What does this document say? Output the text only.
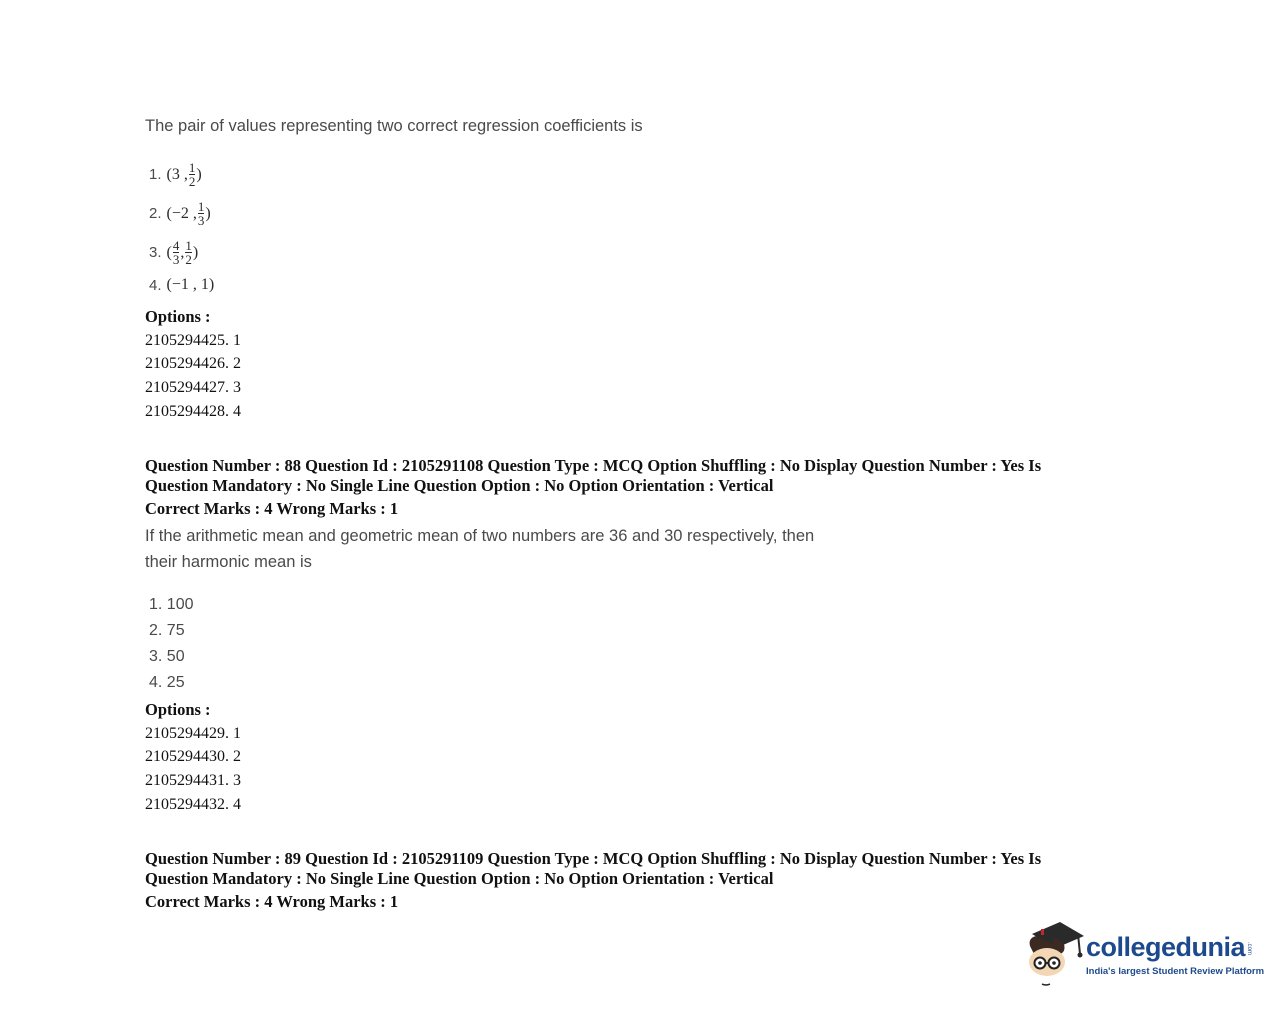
The pair of values representing two correct regression coefficients is
1. (3 , $\frac{1}{2}$ )
2. (−2 , $\frac{1}{3}$ )
3. ( $\frac{4}{3}$ , $\frac{1}{2}$ )
4. (−1 , 1)
Options :
2105294425. 1
2105294426. 2
2105294427. 3
2105294428. 4
Question Number : 88 Question Id : 2105291108 Question Type : MCQ Option Shuffling : No Display Question Number : Yes Is
Question Mandatory : No Single Line Question Option : No Option Orientation : Vertical
Correct Marks : 4 Wrong Marks : 1
If the arithmetic mean and geometric mean of two numbers are 36 and 30 respectively, then
their harmonic mean is
1. 100
2. 75
3. 50
4. 25
Options :
2105294429. 1
2105294430. 2
2105294431. 3
2105294432. 4
Question Number : 89 Question Id : 2105291109 Question Type : MCQ Option Shuffling : No Display Question Number : Yes Is
Question Mandatory : No Single Line Question Option : No Option Orientation : Vertical
Correct Marks : 4 Wrong Marks : 1
collegedunia .com
India's largest Student Review Platform
